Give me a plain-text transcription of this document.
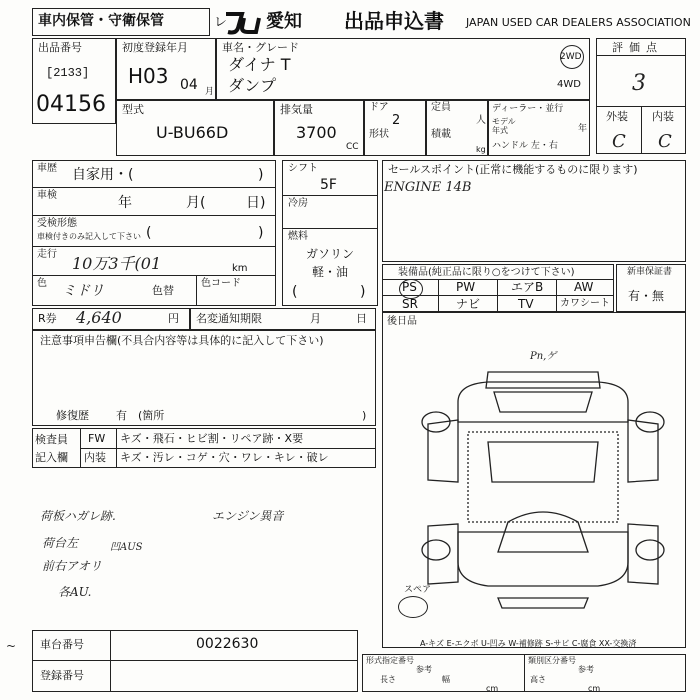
車内保管・守衛保管	レ 愛知 出品申込書 JAPAN USED CAR DEALERS ASSOCIATION
出品番号
[2133]
04156
初度登録年月
H03 04 月
車名・グレード
ダイナ T
ダンプ
2WD
4WD
評価点
3
外装 内装
C C
型式
U-BU66D
排気量
3700
CC
ドア
2
形状
定員
人
積載
kg
ディーラー・並行
モデル
年式	年
ハンドル 左・右
車歴 自家用・(	)
車検	年	月(	日)
受検形態
車検付きのみ記入して下さい (	)
走行 10万3千(01	km
色 ミドリ	色替
色コード
シフト
5F
冷房
燃料
ガソリン
軽・油
(	)
セールスポイント(正常に機能するものに限ります)
ENGINE 14B
装備品(純正品に限り○をつけて下さい)
PS	PW	エアB	AW
SR	ナビ	TV	カワシート
新車保証書
有・無
R券 4,640	円 名変通知期限	月	日
注意事項申告欄(不具合内容等は具体的に記入して下さい)
修復歴 有 (箇所	)
検査員
記入欄
FW キズ・飛石・ヒビ割・リペア跡・X要
内装 キズ・汚レ・コゲ・穴・ワレ・キレ・破レ
荷板ハガレ跡.
荷台左
前右アオリ
各AU.
エンジン異音
凹AUS
後日品
Pn,ゲ
スペア
A-キズ E-エクボ U-凹み W-補修跡 S-サビ C-腐食 XX-交換済
車台番号	0022630
登録番号
~
形式指定番号
参考
長さ	幅
cm
類別区分番号
参考
高さ
cm
